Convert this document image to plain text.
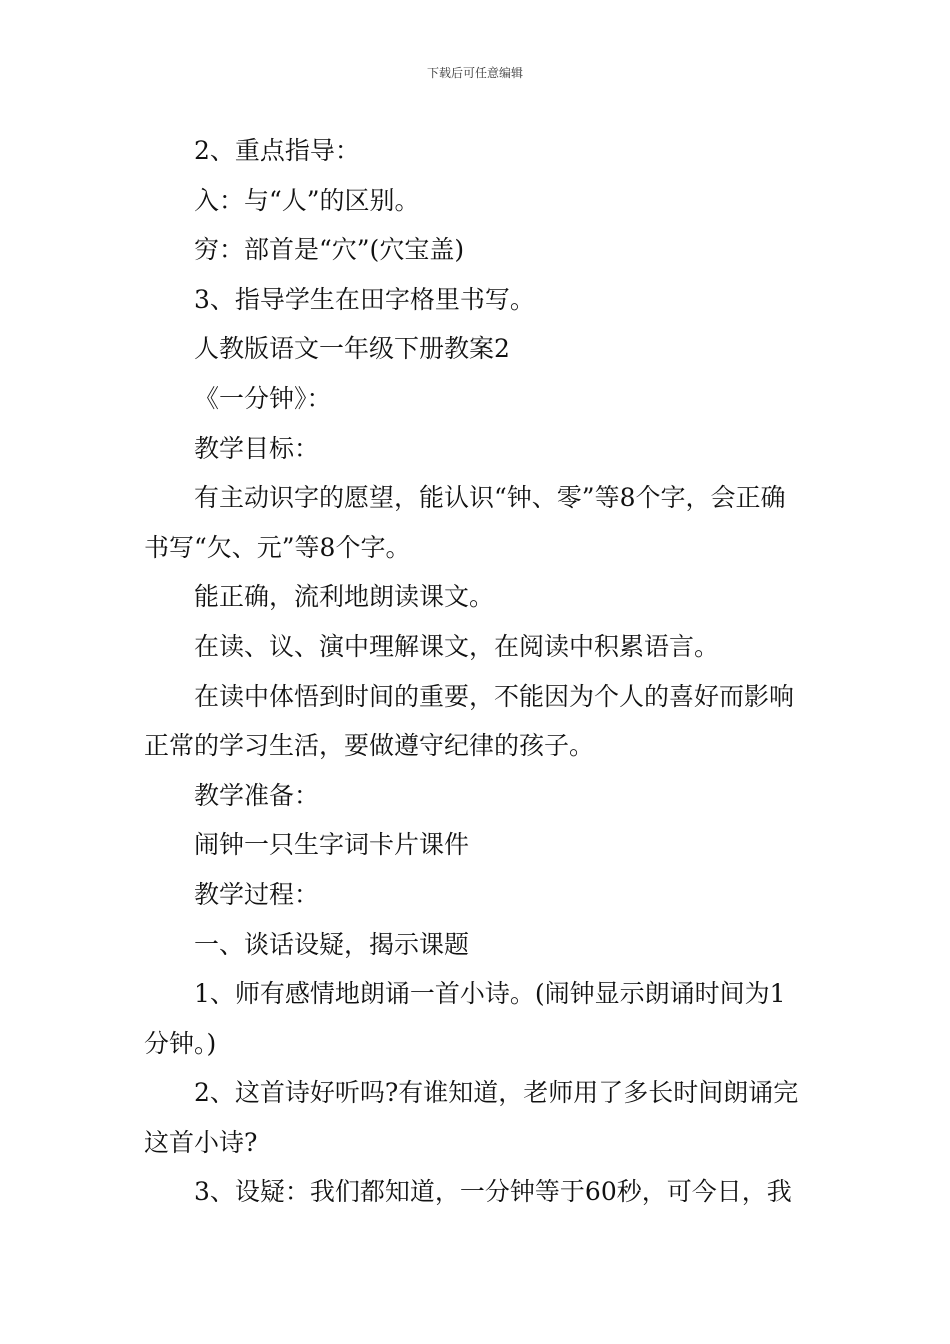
下载后可任意编辑

2、重点指导：

入：与“人”的区别。

穷：部首是“穴”(穴宝盖)

3、指导学生在田字格里书写。

人教版语文一年级下册教案2

《一分钟》：

教学目标：

有主动识字的愿望，能认识“钟、零”等8个字，会正确书写“欠、元”等8个字。

能正确，流利地朗读课文。

在读、议、演中理解课文，在阅读中积累语言。

在读中体悟到时间的重要，不能因为个人的喜好而影响正常的学习生活，要做遵守纪律的孩子。

教学准备：

闹钟一只生字词卡片课件

教学过程：

一、谈话设疑，揭示课题

1、师有感情地朗诵一首小诗。(闹钟显示朗诵时间为1分钟。)

2、这首诗好听吗?有谁知道，老师用了多长时间朗诵完这首小诗?

3、设疑：我们都知道，一分钟等于60秒，可今日，我
